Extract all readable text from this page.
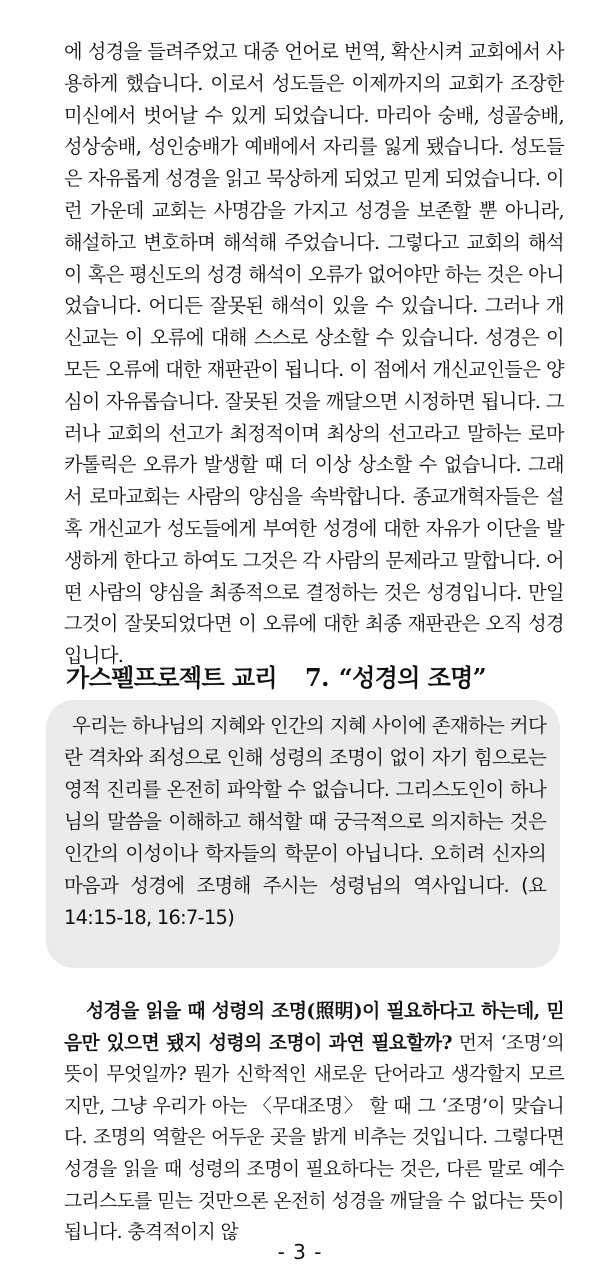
에 성경을 들려주었고 대중 언어로 번역, 확산시켜 교회에서 사용하게 했습니다. 이로서 성도들은 이제까지의 교회가 조장한 미신에서 벗어날 수 있게 되었습니다. 마리아 숭배, 성골숭배, 성상숭배, 성인숭배가 예배에서 자리를 잃게 됐습니다. 성도들은 자유롭게 성경을 읽고 묵상하게 되었고 믿게 되었습니다. 이런 가운데 교회는 사명감을 가지고 성경을 보존할 뿐 아니라, 해설하고 변호하며 해석해 주었습니다. 그렇다고 교회의 해석이 혹은 평신도의 성경 해석이 오류가 없어야만 하는 것은 아니었습니다. 어디든 잘못된 해석이 있을 수 있습니다. 그러나 개신교는 이 오류에 대해 스스로 상소할 수 있습니다. 성경은 이 모든 오류에 대한 재판관이 됩니다. 이 점에서 개신교인들은 양심이 자유롭습니다. 잘못된 것을 깨달으면 시정하면 됩니다. 그러나 교회의 선고가 최정적이며 최상의 선고라고 말하는 로마카톨릭은 오류가 발생할 때 더 이상 상소할 수 없습니다. 그래서 로마교회는 사람의 양심을 속박합니다. 종교개혁자들은 설혹 개신교가 성도들에게 부여한 성경에 대한 자유가 이단을 발생하게 한다고 하여도 그것은 각 사람의 문제라고 말합니다. 어떤 사람의 양심을 최종적으로 결정하는 것은 성경입니다. 만일 그것이 잘못되었다면 이 오류에 대한 최종 재판관은 오직 성경입니다.

가스펠프로젝트 교리 7. “성경의 조명”

우리는 하나님의 지혜와 인간의 지혜 사이에 존재하는 커다란 격차와 죄성으로 인해 성령의 조명이 없이 자기 힘으로는 영적 진리를 온전히 파악할 수 없습니다. 그리스도인이 하나님의 말씀을 이해하고 해석할 때 궁극적으로 의지하는 것은 인간의 이성이나 학자들의 학문이 아닙니다. 오히려 신자의 마음과 성경에 조명해 주시는 성령님의 역사입니다. (요14:15-18, 16:7-15)

성경을 읽을 때 성령의 조명(照明)이 필요하다고 하는데, 믿음만 있으면 됐지 성령의 조명이 과연 필요할까? 먼저 ‘조명’의 뜻이 무엇일까? 뭔가 신학적인 새로운 단어라고 생각할지 모르지만, 그냥 우리가 아는 〈무대조명〉 할 때 그 ‘조명’이 맞습니다. 조명의 역할은 어두운 곳을 밝게 비추는 것입니다. 그렇다면 성경을 읽을 때 성령의 조명이 필요하다는 것은, 다른 말로 예수 그리스도를 믿는 것만으론 온전히 성경을 깨달을 수 없다는 뜻이 됩니다. 충격적이지 않

- 3 -
